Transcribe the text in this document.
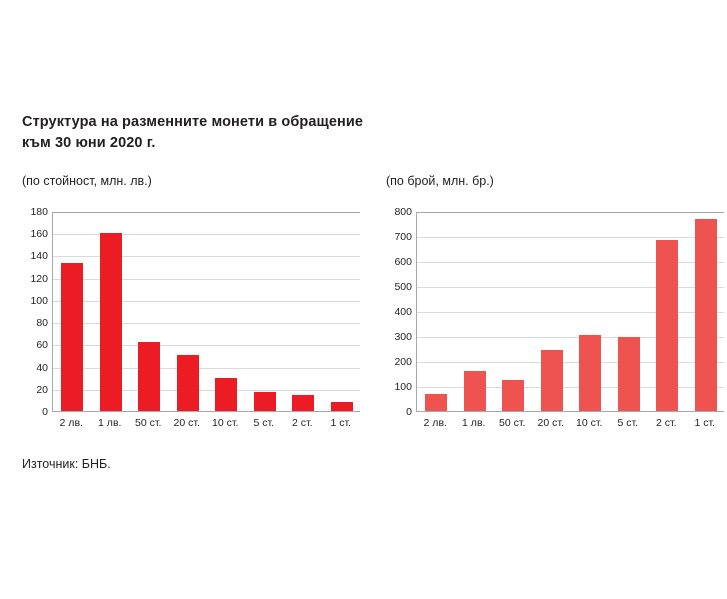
Структура на разменните монети в обращение
към 30 юни 2020 г.
(по стойност, млн. лв.)	(по брой, млн. бр.)
0
20
40
60
80
100
120
140
160
180
2 лв. 1 лв. 50 ст. 20 ст. 10 ст. 5 ст. 2 ст. 1 ст.
0
100
200
300
400
500
600
700
800
2 лв. 1 лв. 50 ст. 20 ст. 10 ст. 5 ст. 2 ст. 1 ст.
Източник: БНБ.
